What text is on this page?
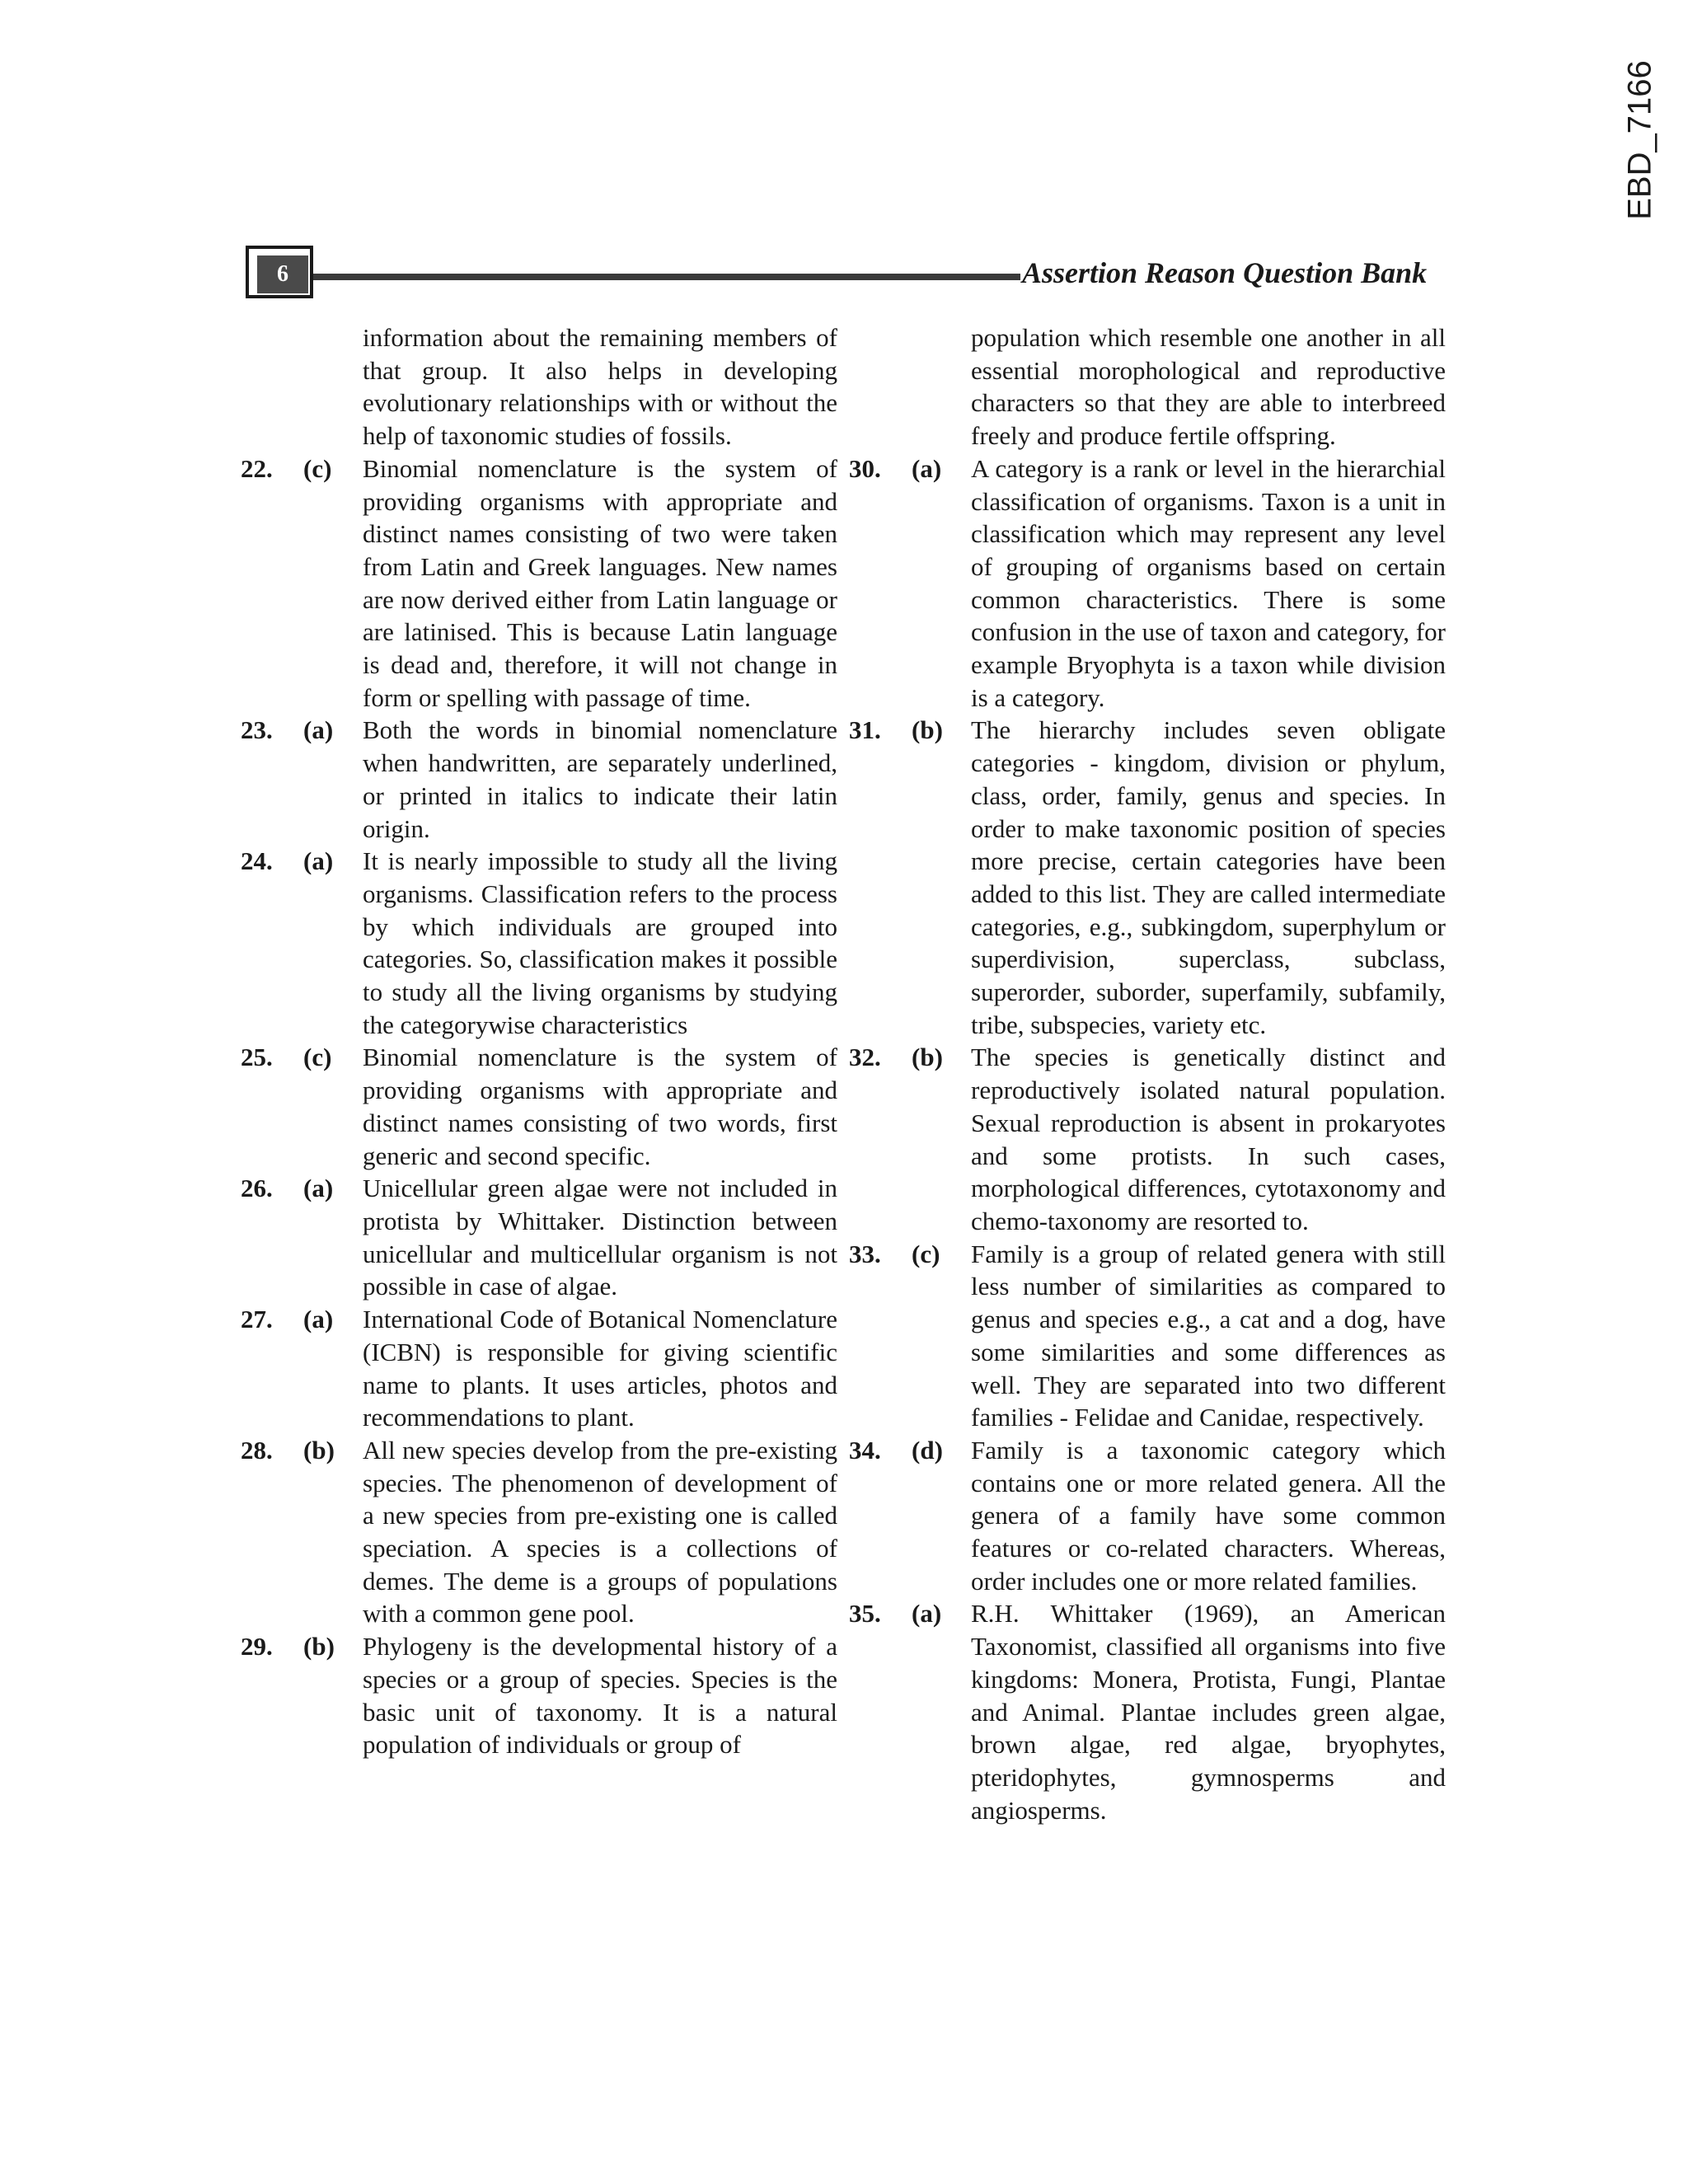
EBD_7166
6	Assertion Reason Question Bank
information about the remaining members of that group. It also helps in developing evolutionary relationships with or without the help of taxonomic studies of fossils.
22.	(c)	Binomial nomenclature is the system of providing organisms with appropriate and distinct names consisting of two were taken from Latin and Greek languages. New names are now derived either from Latin language or are latinised. This is because Latin language is dead and, therefore, it will not change in form or spelling with passage of time.
23.	(a)	Both the words in binomial nomenclature when handwritten, are separately underlined, or printed in italics to indicate their latin origin.
24.	(a)	It is nearly impossible to study all the living organisms. Classification refers to the process by which individuals are grouped into categories. So, classification makes it possible to study all the living organisms by studying the categorywise characteristics
25.	(c)	Binomial nomenclature is the system of providing organisms with appropriate and distinct names consisting of two words, first generic and second specific.
26.	(a)	Unicellular green algae were not included in protista by Whittaker. Distinction between unicellular and multicellular organism is not possible in case of algae.
27.	(a)	International Code of Botanical Nomenclature (ICBN) is responsible for giving scientific name to plants. It uses articles, photos and recommendations to plant.
28.	(b)	All new species develop from the pre-existing species. The phenomenon of development of a new species from pre-existing one is called speciation. A species is a collections of demes. The deme is a groups of populations with a common gene pool.
29.	(b)	Phylogeny is the developmental history of a species or a group of species. Species is the basic unit of taxonomy. It is a natural population of individuals or group of
population which resemble one another in all essential morophological and reproductive characters so that they are able to interbreed freely and produce fertile offspring.
30.	(a)	A category is a rank or level in the hierarchial classification of organisms. Taxon is a unit in classification which may represent any level of grouping of organisms based on certain common characteristics. There is some confusion in the use of taxon and category, for example Bryophyta is a taxon while division is a category.
31.	(b)	The hierarchy includes seven obligate categories - kingdom, division or phylum, class, order, family, genus and species. In order to make taxonomic position of species more precise, certain categories have been added to this list. They are called intermediate categories, e.g., subkingdom, superphylum or superdivision, superclass, subclass, superorder, suborder, superfamily, subfamily, tribe, subspecies, variety etc.
32.	(b)	The species is genetically distinct and reproductively isolated natural population. Sexual reproduction is absent in prokaryotes and some protists. In such cases, morphological differences, cytotaxonomy and chemo-taxonomy are resorted to.
33.	(c)	Family is a group of related genera with still less number of similarities as compared to genus and species e.g., a cat and a dog, have some similarities and some differences as well. They are separated into two different families - Felidae and Canidae, respectively.
34.	(d)	Family is a taxonomic category which contains one or more related genera. All the genera of a family have some common features or co-related characters. Whereas, order includes one or more related families.
35.	(a)	R.H. Whittaker (1969), an American Taxonomist, classified all organisms into five kingdoms: Monera, Protista, Fungi, Plantae and Animal. Plantae includes green algae, brown algae, red algae, bryophytes, pteridophytes, gymnosperms and angiosperms.
